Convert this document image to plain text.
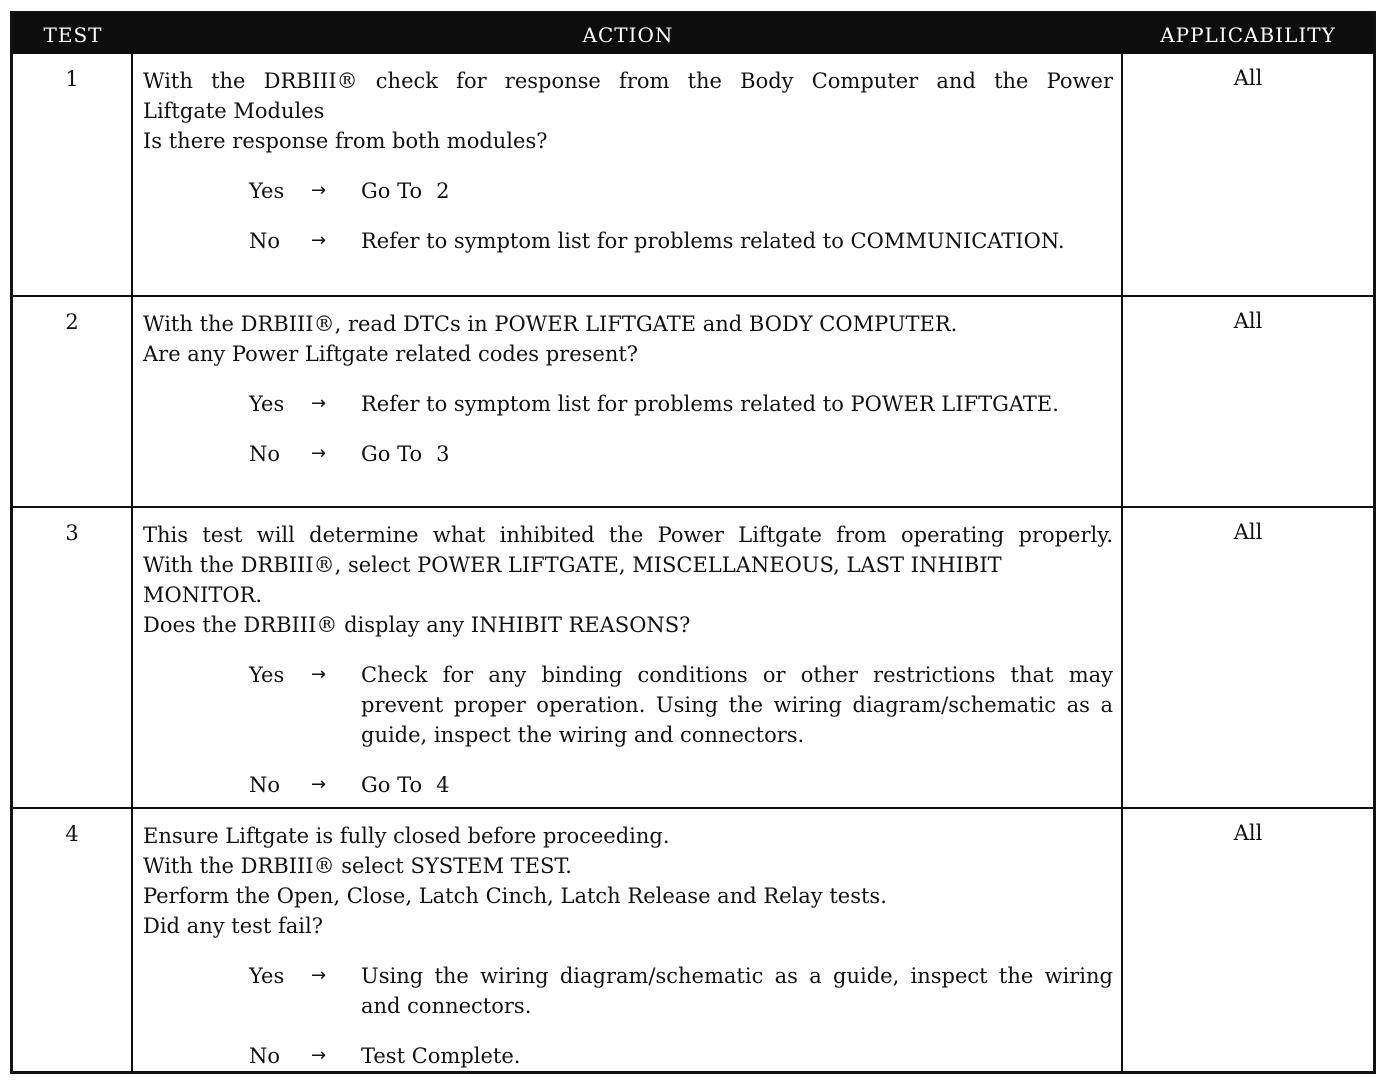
TEST	ACTION	APPLICABILITY
1	With the DRBIII® check for response from the Body Computer and the Power
Liftgate Modules
Is there response from both modules?
Yes	→	Go To 2
No	→	Refer to symptom list for problems related to COMMUNICATION.
All
2	With the DRBIII®, read DTCs in POWER LIFTGATE and BODY COMPUTER.
Are any Power Liftgate related codes present?
Yes	→	Refer to symptom list for problems related to POWER LIFTGATE.
No	→	Go To 3
All
3	This test will determine what inhibited the Power Liftgate from operating properly.
With the DRBIII®, select POWER LIFTGATE, MISCELLANEOUS, LAST INHIBIT MONITOR.
Does the DRBIII® display any INHIBIT REASONS?
Yes	→	Check for any binding conditions or other restrictions that may prevent proper operation. Using the wiring diagram/schematic as a guide, inspect the wiring and connectors.
No	→	Go To 4
All
4	Ensure Liftgate is fully closed before proceeding.
With the DRBIII® select SYSTEM TEST.
Perform the Open, Close, Latch Cinch, Latch Release and Relay tests.
Did any test fail?
Yes	→	Using the wiring diagram/schematic as a guide, inspect the wiring and connectors.
No	→	Test Complete.
All
